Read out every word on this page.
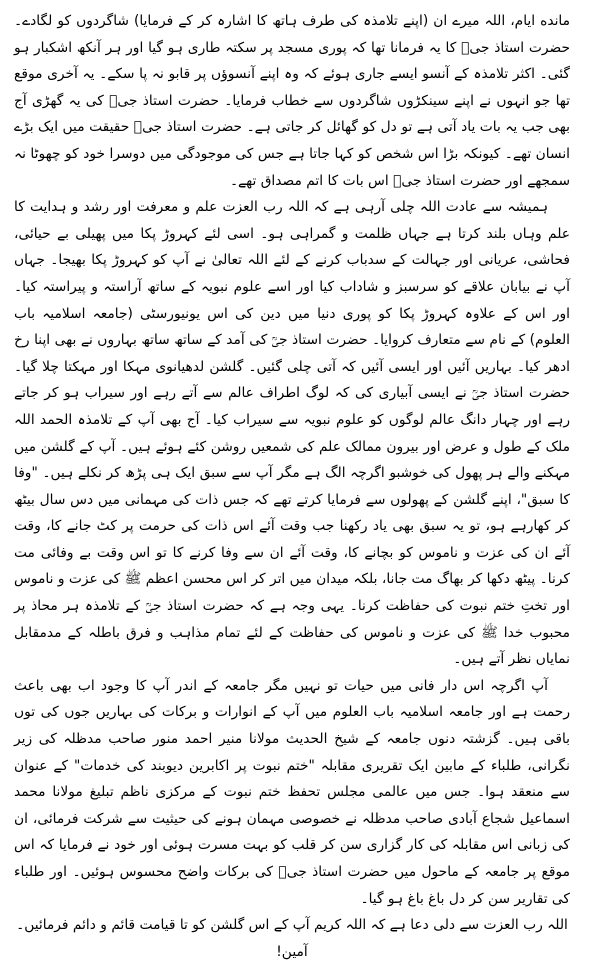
مانده ایام، اللہ میرے ان (اپنے تلامذہ کی طرف ہاتھ کا اشارہ کر کے فرمایا) شاگردوں کو لگادے۔ حضرت استاذ جیؒ کا یہ فرمانا تھا کہ پوری مسجد پر سکتہ طاری ہو گیا اور ہر آنکھ اشکبار ہو گئی۔ اکثر تلامذہ کے آنسو ایسے جاری ہوئے کہ وہ اپنے آنسوؤں پر قابو نہ پا سکے۔ یہ آخری موقع تھا جو انہوں نے اپنے سینکڑوں شاگردوں سے خطاب فرمایا۔ حضرت استاذ جیؒ کی یہ گھڑی آج بھی جب یہ بات یاد آتی ہے تو دل کو گھائل کر جاتی ہے۔ حضرت استاذ جیؒ حقیقت میں ایک بڑے انسان تھے۔ کیونکہ بڑا اس شخص کو کہا جاتا ہے جس کی موجودگی میں دوسرا خود کو چھوٹا نہ سمجھے اور حضرت استاذ جیؒ اس بات کا اتم مصداق تھے۔

ہمیشہ سے عادت اللہ چلی آرہی ہے کہ اللہ رب العزت علم و معرفت اور رشد و ہدایت کا علم وہاں بلند کرتا ہے جہاں ظلمت و گمراہی ہو۔ اسی لئے کہروڑ پکا میں پھیلی بے حیائی، فحاشی، عریانی اور جہالت کے سدباب کرنے کے لئے اللہ تعالیٰ نے آپ کو کہروڑ پکا بھیجا۔ جہاں آپ نے بیابان علاقے کو سرسبز و شاداب کیا اور اسے علوم نبویہ کے ساتھ آراستہ و پیراستہ کیا۔ اور اس کے علاوہ کہروڑ پکا کو پوری دنیا میں دین کی اس یونیورسٹی (جامعہ اسلامیہ باب العلوم) کے نام سے متعارف کروایا۔ حضرت استاذ جیؒ کی آمد کے ساتھ ساتھ بہاروں نے بھی اپنا رخ ادھر کیا۔ بہاریں آئیں اور ایسی آئیں کہ آتی چلی گئیں۔ گلشن لدھیانوی مہکا اور مہکتا چلا گیا۔ حضرت استاذ جیؒ نے ایسی آبیاری کی کہ لوگ اطراف عالم سے آتے رہے اور سیراب ہو کر جاتے رہے اور چہار دانگ عالم لوگوں کو علوم نبویہ سے سیراب کیا۔ آج بھی آپ کے تلامذہ الحمد اللہ ملک کے طول و عرض اور بیرون ممالک علم کی شمعیں روشن کئے ہوئے ہیں۔ آپ کے گلشن میں مہکنے والے ہر پھول کی خوشبو اگرچہ الگ ہے مگر آپ سے سبق ایک ہی پڑھ کر نکلے ہیں۔ "وفا کا سبق"، اپنے گلشن کے پھولوں سے فرمایا کرتے تھے کہ جس ذات کی مہمانی میں دس سال بیٹھ کر کھارہے ہو، تو یہ سبق بھی یاد رکھنا جب وقت آئے اس ذات کی حرمت پر کٹ جانے کا، وقت آئے ان کی عزت و ناموس کو بچانے کا، وقت آئے ان سے وفا کرنے کا تو اس وقت بے وفائی مت کرنا۔ پیٹھ دکھا کر بھاگ مت جانا، بلکہ میدان میں اتر کر اس محسن اعظم ﷺ کی عزت و ناموس اور تختِ ختم نبوت کی حفاظت کرنا۔ یہی وجہ ہے کہ حضرت استاذ جیؒ کے تلامذہ ہر محاذ پر محبوب خدا ﷺ کی عزت و ناموس کی حفاظت کے لئے تمام مذاہب و فرق باطلہ کے مدمقابل نمایاں نظر آتے ہیں۔

آپ اگرچہ اس دار فانی میں حیات تو نہیں مگر جامعہ کے اندر آپ کا وجود اب بھی باعث رحمت ہے اور جامعہ اسلامیہ باب العلوم میں آپ کے انوارات و برکات کی بہاریں جوں کی توں باقی ہیں۔ گزشتہ دنوں جامعہ کے شیخ الحدیث مولانا منیر احمد منور صاحب مدظلہ کی زیر نگرانی، طلباء کے مابین ایک تقریری مقابلہ "ختم نبوت پر اکابرین دیوبند کی خدمات" کے عنوان سے منعقد ہوا۔ جس میں عالمی مجلس تحفظ ختم نبوت کے مرکزی ناظم تبلیغ مولانا محمد اسماعیل شجاع آبادی صاحب مدظلہ نے خصوصی مہمان ہونے کی حیثیت سے شرکت فرمائی، ان کی زبانی اس مقابلہ کی کار گزاری سن کر قلب کو بہت مسرت ہوئی اور خود نے فرمایا کہ اس موقع پر جامعہ کے ماحول میں حضرت استاذ جیؒ کی برکات واضح محسوس ہوئیں۔ اور طلباء کی تقاریر سن کر دل باغ باغ ہو گیا۔

اللہ رب العزت سے دلی دعا ہے کہ اللہ کریم آپ کے اس گلشن کو تا قیامت قائم و دائم فرمائیں۔ آمین!
